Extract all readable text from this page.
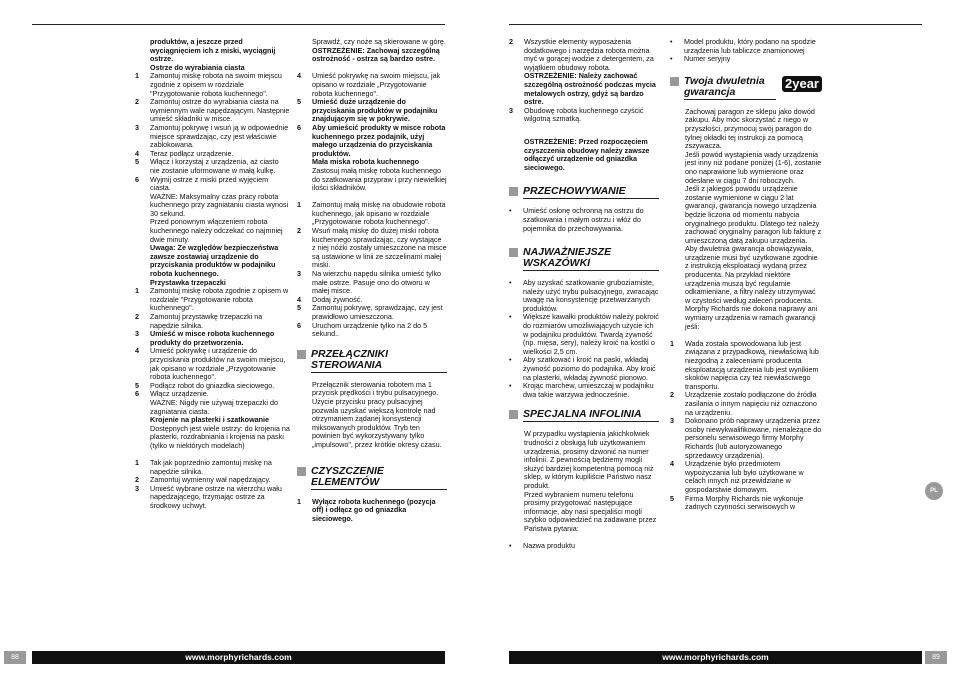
produktów, a jeszcze przed wyciągnięciem ich z miski, wyciągnij ostrze.

Ostrze do wyrabiania ciasta

1	Zamontuj miskę robota na swoim miejscu zgodnie z opisem w rozdziale "Przygotowanie robota kuchennego".
2	Zamontuj ostrze do wyrabiania ciasta na wymiennym wale napędzającym. Następnie umieść składniki w misce.
3	Zamontuj pokrywę i wsuń ją w odpowiednie miejsce sprawdzając, czy jest właściwie zablokowana.
4	Teraz podłącz urządzenie.
5	Włącz i korzystaj z urządzenia, aż ciasto nie zostanie uformowane w małą kulkę.
6	Wyjmij ostrze z miski przed wyjęciem ciasta.

WAŻNE: Maksymalny czas pracy robota kuchennego przy zagniataniu ciasta wynosi 30 sekund.

Przed ponownym włączeniem robota kuchennego należy odczekać co najmniej dwie minuty.

Uwaga: Ze względów bezpieczeństwa zawsze zostawiaj urządzenie do przyciskania produktów w podajniku robota kuchennego.

Przystawka trzepaczki

1	Zamontuj miskę robota zgodnie z opisem w rozdziale "Przygotowanie robota kuchennego".
2	Zamontuj przystawkę trzepaczki na napędzie silnika.
3	Umieść w misce robota kuchennego produkty do przetworzenia.
4	Umieść pokrywkę i urządzenie do przyciskania produktów na swoim miejscu, jak opisano w rozdziale „Przygotowanie robota kuchennego".
5	Podłącz robot do gniazdka sieciowego.
6	Włącz urządzenie.

WAŻNE: Nigdy nie używaj trzepaczki do zagniatania ciasta.

Krojenie na plasterki i szatkowanie

Dostępnych jest wiele ostrzy: do krojenia na plasterki, rozdrabniania i krojenia na paski (tylko w niektórych modelach)

1	Tak jak poprzednio zamontuj miskę na napędzie silnika.
2	Zamontuj wymienny wał napędzający.
3	Umieść wybrane ostrze na wierzchu wału napędzającego, trzymając ostrze za środkowy uchwyt.

Sprawdź, czy noże są skierowane w górę.

OSTRZEŻENIE: Zachowaj szczególną ostrożność - ostrza są bardzo ostre.

4	Umieść pokrywkę na swoim miejscu, jak opisano w rozdziale „Przygotowanie robota kuchennego".
5	Umieść duże urządzenie do przyciskania produktów w podajniku znajdującym się w pokrywie.
6	Aby umieścić produkty w misce robota kuchennego przez podajnik, użyj małego urządzenia do przyciskania produktów.

Mała miska robota kuchennego

Zastosuj małą miskę robota kuchennego do szatkowania przypraw i przy niewielkiej ilości składników.

1	Zamontuj małą miskę na obudowie robota kuchennego, jak opisano w rozdziale „Przygotowanie robota kuchennego".
2	Wsuń małą miskę do dużej miski robota kuchennego sprawdzając, czy wystające z niej nóżki zostały umieszczone na misce są ustawione w linii ze szczelinami małej miski.
3	Na wierzchu napędu silnika umieść tylko małe ostrze. Pasuje ono do otworu w małej misce.
4	Dodaj żywność.
5	Zamontuj pokrywę, sprawdzając, czy jest prawidłowo umieszczona.
6	Uruchom urządzenie tylko na 2 do 5 sekund..
PRZEŁĄCZNIKI STEROWANIA

Przełącznik sterowania robotem ma 1 przycisk prędkości i trybu pulsacyjnego.

Użycie przycisku pracy pulsacyjnej pozwala uzyskać większą kontrolę nad otrzymaniem żądanej konsystencji miksowanych produktów. Tryb ten powinien być wykorzystywany tylko „impulsowo", przez krótkie okresy czasu.

CZYSZCZENIE ELEMENTÓW
1	Wyłącz robota kuchennego (pozycja off) i odłącz go od gniazdka sieciowego.
88	www.morphyrichards.com
2	Wszystkie elementy wyposażenia dodatkowego i narzędzia robota można myć w gorącej wodzie z detergentem, za wyjątkiem obudowy robota.

OSTRZEŻENIE: Należy zachować szczególną ostrożność podczas mycia metalowych ostrzy, gdyż są bardzo ostre.

3	Obudowę robota kuchennego czyścić wilgotną szmatką.

OSTRZEŻENIE: Przed rozpoczęciem czyszczenia obudowy należy zawsze odłączyć urządzenie od gniazdka sieciowego.

PRZECHOWYWANIE
•	Umieść osłonę ochronną na ostrzu do szatkowania i małym ostrzu i włóż do pojemnika do przechowywania.
NAJWAŻNIEJSZE WSKAZÓWKI
•	Aby uzyskać szatkowanie gruboziarniste, należy użyć trybu pulsacyjnego, zwracając uwagę na konsystencję przetwarzanych produktów.
•	Większe kawałki produktów należy pokroić do rozmiarów umożliwiających użycie ich w podajniku produktów. Twardą żywność (np. mięsa, sery), należy kroić na kostki o wielkości 2,5 cm.
•	Aby szatkować i kroić na paski, wkładaj żywność poziomo do podajnika. Aby kroić na plasterki, wkładaj żywność pionowo.
•	Krojąc marchew, umieszczaj w podajniku dwa takie warzywa jednocześnie.
SPECJALNA INFOLINIA

W przypadku wystąpienia jakichkolwiek trudności z obsługą lub użytkowaniem urządzenia, prosimy dzwonić na numer infolinii. Z pewnością będziemy mogli służyć bardziej kompetentną pomocą niż sklep, w którym kupiliście Państwo nasz produkt.

Przed wybraniem numeru telefonu prosimy przygotować następujące informacje, aby nasi specjaliści mogli szybko odpowiedzieć na zadawane przez Państwa pytania:

•	Nazwa produktu
•	Model produktu, który podano na spodzie urządzenia lub tabliczce znamionowej
•	Numer seryjny
Twoja dwuletnia gwarancja
2year

Zachowaj paragon ze sklepu jako dowód zakupu. Aby móc skorzystać z niego w przyszłości, przymocuj swój paragon do tylnej okładki tej instrukcji za pomocą zszywacza.

Jeśli powód wystąpienia wady urządzenia jest inny niż podane poniżej (1-6), zostanie ono naprawione lub wymienione oraz odesłane w ciągu 7 dni roboczych.

Jeśli z jakiegoś powodu urządzenie zostanie wymienione w ciągu 2 lat gwarancji, gwarancja nowego urządzenia będzie liczona od momentu nabycia oryginalnego produktu. Dlatego też należy zachować oryginalny paragon lub fakturę z umieszczoną datą zakupu urządzenia.

Aby dwuletnia gwarancja obowiązywała, urządzenie musi być użytkowane zgodnie z instrukcją eksploatacji wydaną przez producenta. Na przykład niektóre urządzenia muszą być regularnie odkamieniane, a filtry należy utrzymywać w czystości według zaleceń producenta.

Morphy Richards nie dokona naprawy ani wymiany urządzenia w ramach gwarancji jeśli:

1	Wada została spowodowana lub jest związana z przypadkową, niewłaściwą lub niezgodną z zaleceniami producenta eksploatacją urządzenia lub jest wynikiem skoków napięcia czy też niewłaściwego transportu.
2	Urządzenie zostało podłączone do źródła zasilania o innym napięciu niż oznaczono na urządzeniu.
3	Dokonano prób naprawy urządzenia przez osoby niewykwalifikowane, nienależące do personelu serwisowego firmy Morphy Richards (lub autoryzowanego sprzedawcy urządzenia).
4	Urządzenie było przedmiotem wypożyczania lub było użytkowane w celach innych niż przewidziane w gospodarstwie domowym.
5	Firma Morphy Richards nie wykonuje żadnych czynności serwisowych w
www.morphyrichards.com	89
PL
